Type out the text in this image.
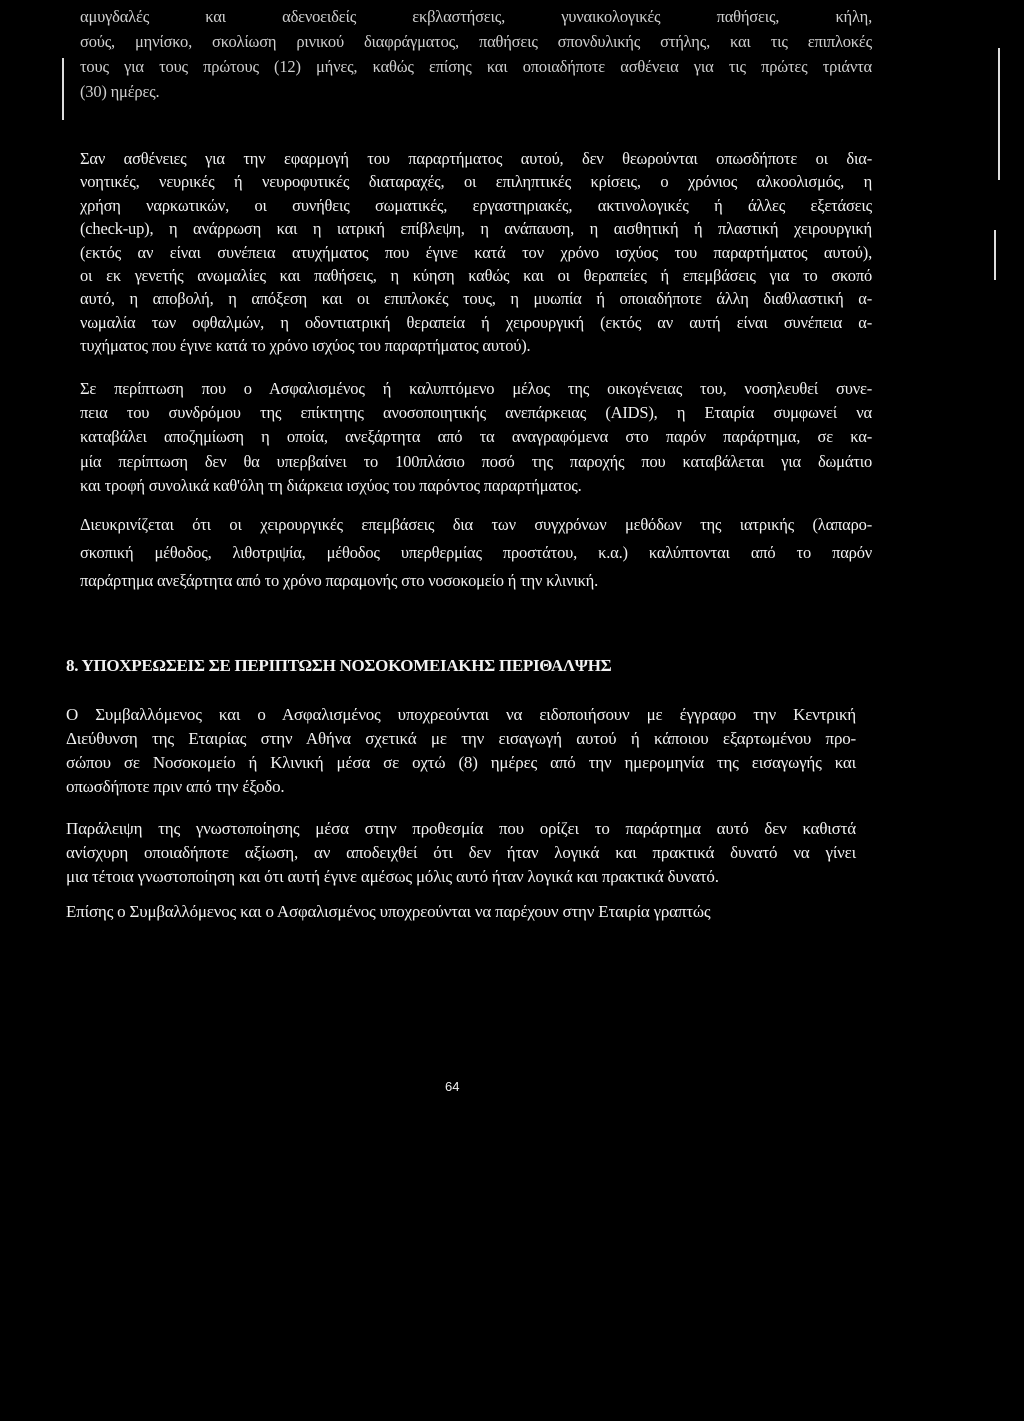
αμυγδαλές και αδενοειδείς εκβλαστήσεις, γυναικολογικές παθήσεις, κήλη,
σούς, μηνίσκο, σκολίωση ρινικού διαφράγματος, παθήσεις σπονδυλικής στήλης, και τις επιπλοκές
τους για τους πρώτους (12) μήνες, καθώς επίσης και οποιαδήποτε ασθένεια για τις πρώτες τριάντα
(30) ημέρες.
Σαν ασθένειες για την εφαρμογή του παραρτήματος αυτού, δεν θεωρούνται οπωσδήποτε οι δια-
νοητικές, νευρικές ή νευροφυτικές διαταραχές, οι επιληπτικές κρίσεις, ο χρόνιος αλκοολισμός, η
χρήση ναρκωτικών, οι συνήθεις σωματικές, εργαστηριακές, ακτινολογικές ή άλλες εξετάσεις
(check-up), η ανάρρωση και η ιατρική επίβλεψη, η ανάπαυση, η αισθητική ή πλαστική χειρουργική
(εκτός αν είναι συνέπεια ατυχήματος που έγινε κατά τον χρόνο ισχύος του παραρτήματος αυτού),
οι εκ γενετής ανωμαλίες και παθήσεις, η κύηση καθώς και οι θεραπείες ή επεμβάσεις για το σκοπό
αυτό, η αποβολή, η απόξεση και οι επιπλοκές τους, η μυωπία ή οποιαδήποτε άλλη διαθλαστική α-
νωμαλία των οφθαλμών, η οδοντιατρική θεραπεία ή χειρουργική (εκτός αν αυτή είναι συνέπεια α-
τυχήματος που έγινε κατά το χρόνο ισχύος του παραρτήματος αυτού).
Σε περίπτωση που ο Ασφαλισμένος ή καλυπτόμενο μέλος της οικογένειας του, νοσηλευθεί συνε-
πεια του συνδρόμου της επίκτητης ανοσοποιητικής ανεπάρκειας (AIDS), η Εταιρία συμφωνεί να
καταβάλει αποζημίωση η οποία, ανεξάρτητα από τα αναγραφόμενα στο παρόν παράρτημα, σε κα-
μία περίπτωση δεν θα υπερβαίνει το 100πλάσιο ποσό της παροχής που καταβάλεται για δωμάτιο
και τροφή συνολικά καθ'όλη τη διάρκεια ισχύος του παρόντος παραρτήματος.
Διευκρινίζεται ότι οι χειρουργικές επεμβάσεις δια των συγχρόνων μεθόδων της ιατρικής (λαπαρο-
σκοπική μέθοδος, λιθοτριψία, μέθοδος υπερθερμίας προστάτου, κ.α.) καλύπτονται από το παρόν
παράρτημα ανεξάρτητα από το χρόνο παραμονής στο νοσοκομείο ή την κλινική.
8. ΥΠΟΧΡΕΩΣΕΙΣ ΣΕ ΠΕΡΙΠΤΩΣΗ ΝΟΣΟΚΟΜΕΙΑΚΗΣ ΠΕΡΙΘΑΛΨΗΣ
Ο Συμβαλλόμενος και ο Ασφαλισμένος υποχρεούνται να ειδοποιήσουν με έγγραφο την Κεντρική
Διεύθυνση της Εταιρίας στην Αθήνα σχετικά με την εισαγωγή αυτού ή κάποιου εξαρτωμένου προ-
σώπου σε Νοσοκομείο ή Κλινική μέσα σε οχτώ (8) ημέρες από την ημερομηνία της εισαγωγής και
οπωσδήποτε πριν από την έξοδο.
Παράλειψη της γνωστοποίησης μέσα στην προθεσμία που ορίζει το παράρτημα αυτό δεν καθιστά
ανίσχυρη οποιαδήποτε αξίωση, αν αποδειχθεί ότι δεν ήταν λογικά και πρακτικά δυνατό να γίνει
μια τέτοια γνωστοποίηση και ότι αυτή έγινε αμέσως μόλις αυτό ήταν λογικά και πρακτικά δυνατό.
Επίσης ο Συμβαλλόμενος και ο Ασφαλισμένος υποχρεούνται να παρέχουν στην Εταιρία γραπτώς
64
